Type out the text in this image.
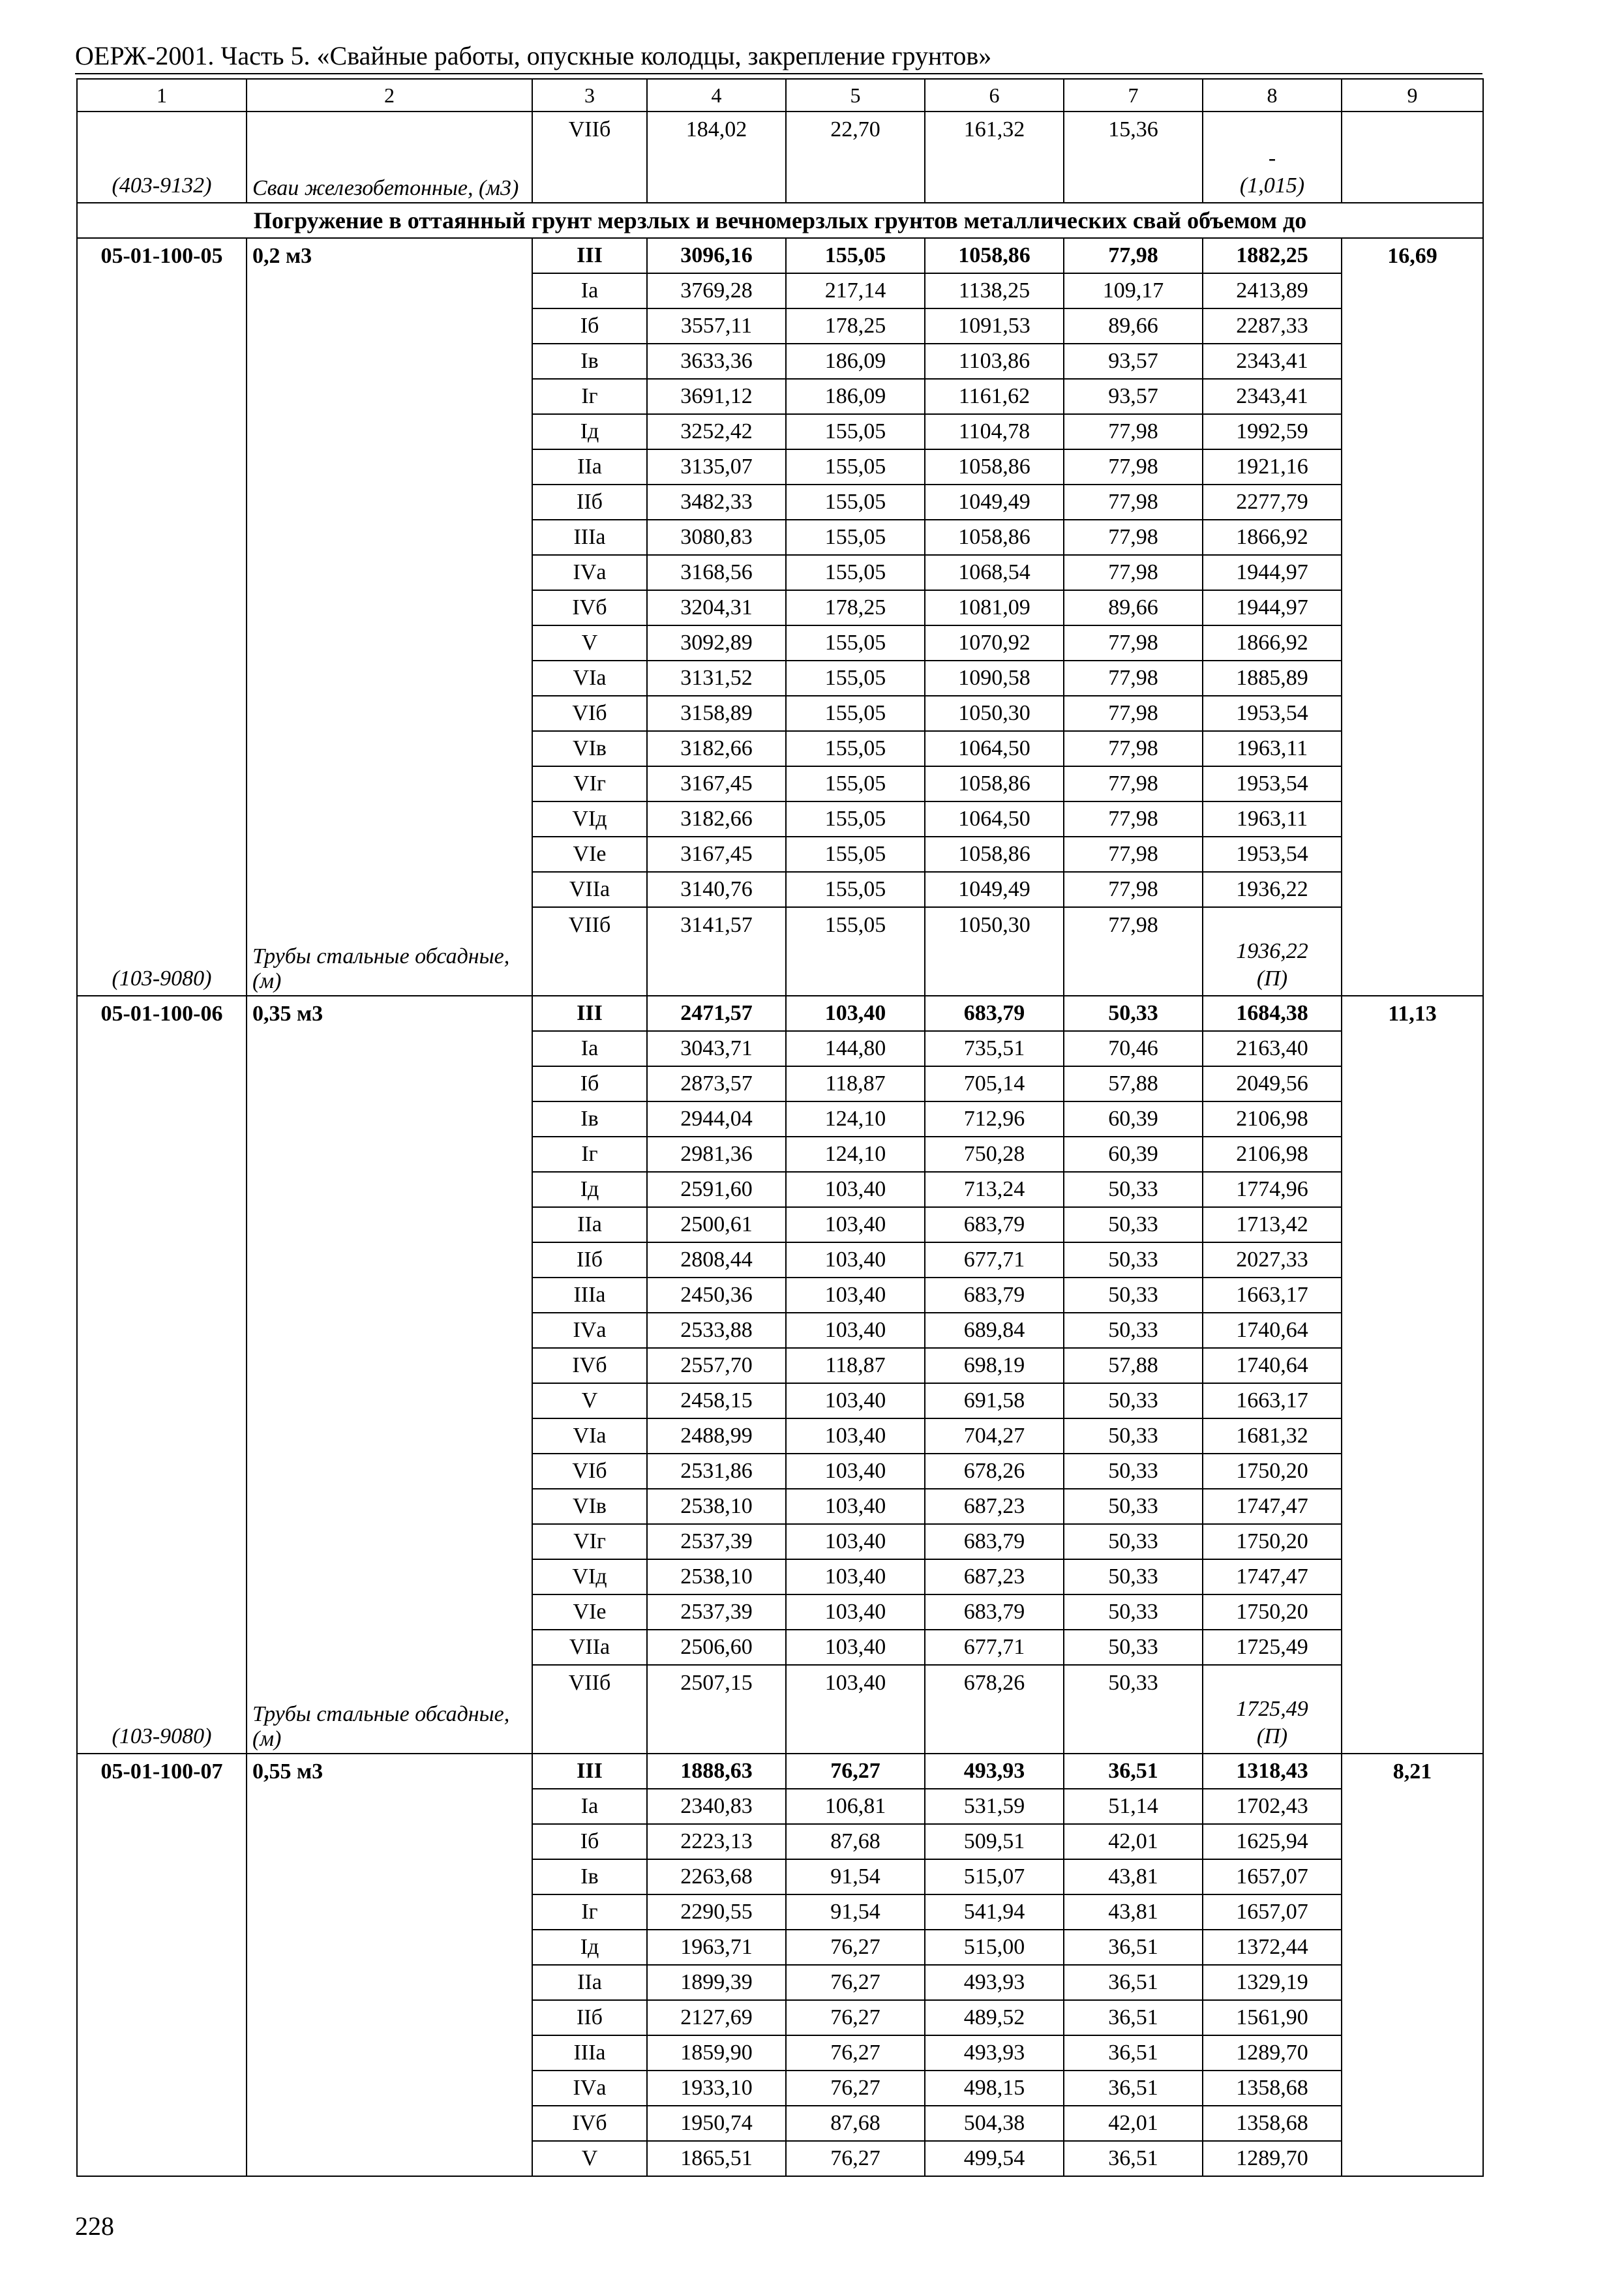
ОЕРЖ-2001. Часть 5. «Свайные работы, опускные колодцы, закрепление грунтов»
1	2	3	4	5	6	7	8	9
(403-9132)	Сваи железобетонные, (м3)	VIIб	184,02	22,70	161,32	15,36	-
(1,015)	
Погружение в оттаянный грунт мерзлых и вечномерзлых грунтов металлических свай объемом до								
05-01-100-05	0,2 м3	III	3096,16	155,05	1058,86	77,98	1882,25	16,69
		Iа	3769,28	217,14	1138,25	109,17	2413,89	
		Iб	3557,11	178,25	1091,53	89,66	2287,33	
		Iв	3633,36	186,09	1103,86	93,57	2343,41	
		Iг	3691,12	186,09	1161,62	93,57	2343,41	
		Iд	3252,42	155,05	1104,78	77,98	1992,59	
		IIа	3135,07	155,05	1058,86	77,98	1921,16	
		IIб	3482,33	155,05	1049,49	77,98	2277,79	
		IIIа	3080,83	155,05	1058,86	77,98	1866,92	
		IVа	3168,56	155,05	1068,54	77,98	1944,97	
		IVб	3204,31	178,25	1081,09	89,66	1944,97	
		V	3092,89	155,05	1070,92	77,98	1866,92	
		VIа	3131,52	155,05	1090,58	77,98	1885,89	
		VIб	3158,89	155,05	1050,30	77,98	1953,54	
		VIв	3182,66	155,05	1064,50	77,98	1963,11	
		VIг	3167,45	155,05	1058,86	77,98	1953,54	
		VIд	3182,66	155,05	1064,50	77,98	1963,11	
		VIе	3167,45	155,05	1058,86	77,98	1953,54	
		VIIа	3140,76	155,05	1049,49	77,98	1936,22	
(103-9080)	Трубы стальные обсадные, (м)	VIIб	3141,57	155,05	1050,30	77,98	1936,22
(П)	
05-01-100-06	0,35 м3	III	2471,57	103,40	683,79	50,33	1684,38	11,13
		Iа	3043,71	144,80	735,51	70,46	2163,40	
		Iб	2873,57	118,87	705,14	57,88	2049,56	
		Iв	2944,04	124,10	712,96	60,39	2106,98	
		Iг	2981,36	124,10	750,28	60,39	2106,98	
		Iд	2591,60	103,40	713,24	50,33	1774,96	
		IIа	2500,61	103,40	683,79	50,33	1713,42	
		IIб	2808,44	103,40	677,71	50,33	2027,33	
		IIIа	2450,36	103,40	683,79	50,33	1663,17	
		IVа	2533,88	103,40	689,84	50,33	1740,64	
		IVб	2557,70	118,87	698,19	57,88	1740,64	
		V	2458,15	103,40	691,58	50,33	1663,17	
		VIа	2488,99	103,40	704,27	50,33	1681,32	
		VIб	2531,86	103,40	678,26	50,33	1750,20	
		VIв	2538,10	103,40	687,23	50,33	1747,47	
		VIг	2537,39	103,40	683,79	50,33	1750,20	
		VIд	2538,10	103,40	687,23	50,33	1747,47	
		VIе	2537,39	103,40	683,79	50,33	1750,20	
		VIIа	2506,60	103,40	677,71	50,33	1725,49	
(103-9080)	Трубы стальные обсадные, (м)	VIIб	2507,15	103,40	678,26	50,33	1725,49
(П)	
05-01-100-07	0,55 м3	III	1888,63	76,27	493,93	36,51	1318,43	8,21
		Iа	2340,83	106,81	531,59	51,14	1702,43	
		Iб	2223,13	87,68	509,51	42,01	1625,94	
		Iв	2263,68	91,54	515,07	43,81	1657,07	
		Iг	2290,55	91,54	541,94	43,81	1657,07	
		Iд	1963,71	76,27	515,00	36,51	1372,44	
		IIа	1899,39	76,27	493,93	36,51	1329,19	
		IIб	2127,69	76,27	489,52	36,51	1561,90	
		IIIа	1859,90	76,27	493,93	36,51	1289,70	
		IVа	1933,10	76,27	498,15	36,51	1358,68	
		IVб	1950,74	87,68	504,38	42,01	1358,68	
		V	1865,51	76,27	499,54	36,51	1289,70	
228
